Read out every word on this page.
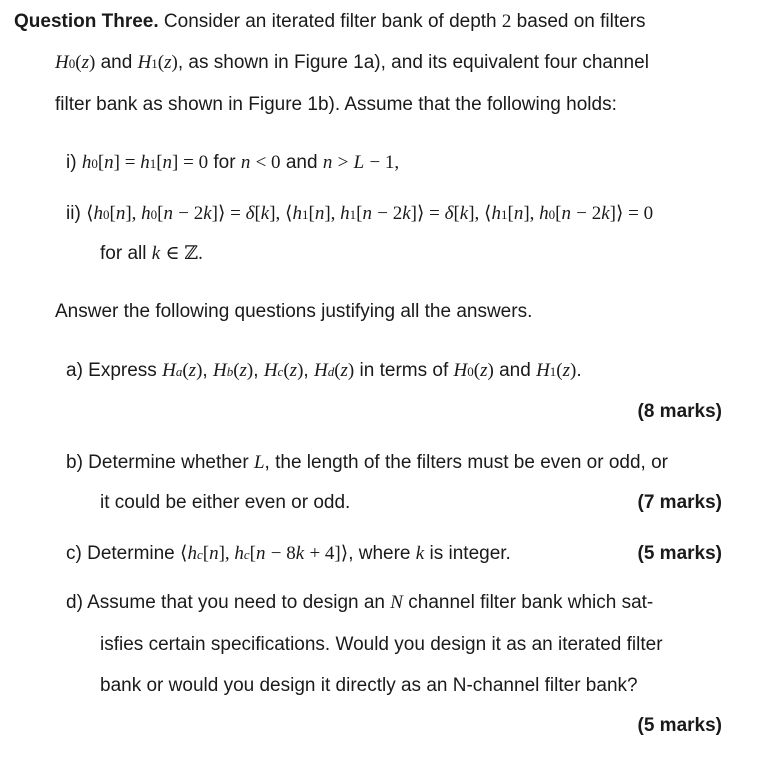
Question Three. Consider an iterated filter bank of depth 2 based on filters
H0(z) and H1(z), as shown in Figure 1a), and its equivalent four channel
filter bank as shown in Figure 1b). Assume that the following holds:
i) h0[n] = h1[n] = 0 for n < 0 and n > L − 1,
ii) ⟨h0[n], h0[n − 2k]⟩ = δ[k], ⟨h1[n], h1[n − 2k]⟩ = δ[k], ⟨h1[n], h0[n − 2k]⟩ = 0
for all k ∈ ℤ.
Answer the following questions justifying all the answers.
a) Express Ha(z), Hb(z), Hc(z), Hd(z) in terms of H0(z) and H1(z).
(8 marks)
b) Determine whether L, the length of the filters must be even or odd, or
it could be either even or odd.	(7 marks)
c) Determine ⟨hc[n], hc[n − 8k + 4]⟩, where k is integer.	(5 marks)
d) Assume that you need to design an N channel filter bank which sat-
isfies certain specifications. Would you design it as an iterated filter
bank or would you design it directly as an N-channel filter bank?
(5 marks)
